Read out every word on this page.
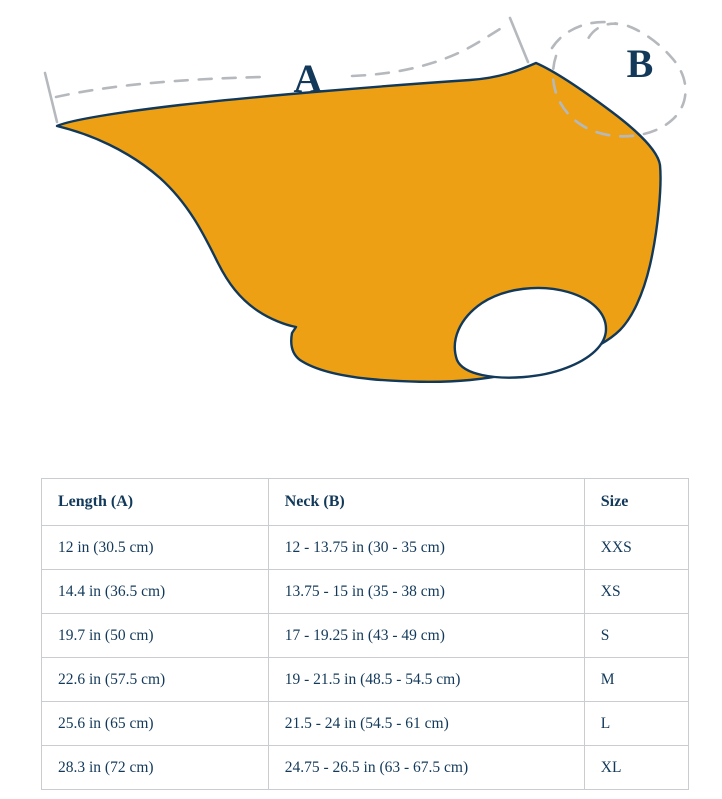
A	B
Length (A)	Neck (B)	Size
12 in (30.5 cm)	12 - 13.75 in (30 - 35 cm)	XXS
14.4 in (36.5 cm)	13.75 - 15 in (35 - 38 cm)	XS
19.7 in (50 cm)	17 - 19.25 in (43 - 49 cm)	S
22.6 in (57.5 cm)	19 - 21.5 in (48.5 - 54.5 cm)	M
25.6 in (65 cm)	21.5 - 24 in (54.5 - 61 cm)	L
28.3 in (72 cm)	24.75 - 26.5 in (63 - 67.5 cm)	XL
